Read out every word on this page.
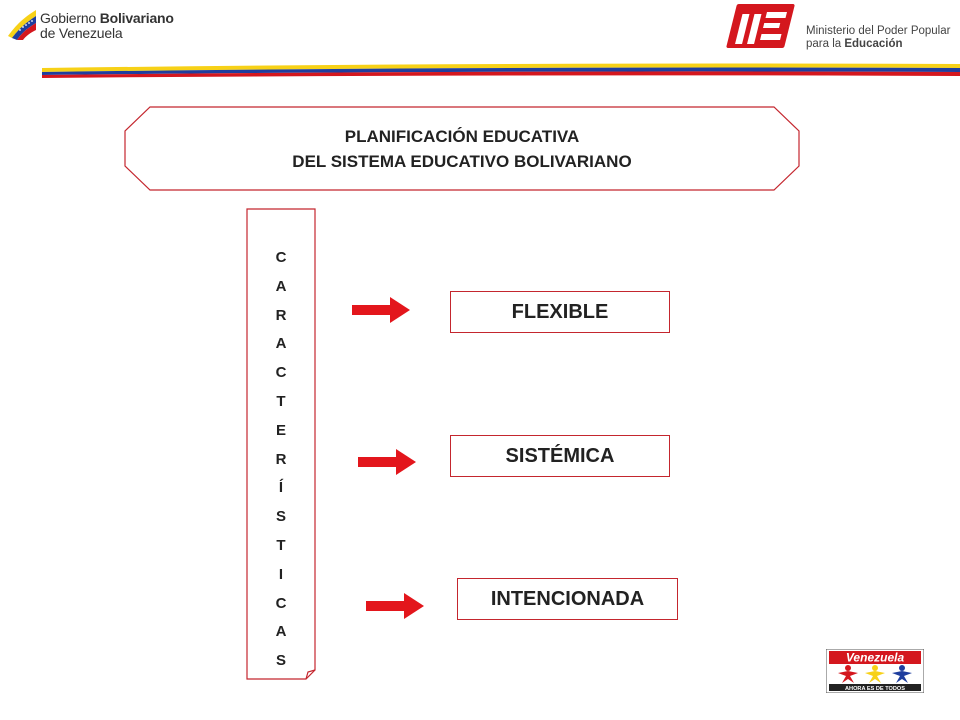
Gobierno Bolivariano
de Venezuela	Ministerio del Poder Popular
para la Educación
PLANIFICACIÓN EDUCATIVA
DEL SISTEMA EDUCATIVO BOLIVARIANO
C
A
R
A
C
T
E
R
Í
S
T
I
C
A
S
FLEXIBLE
SISTÉMICA
INTENCIONADA
Venezuela
AHORA ES DE TODOS
